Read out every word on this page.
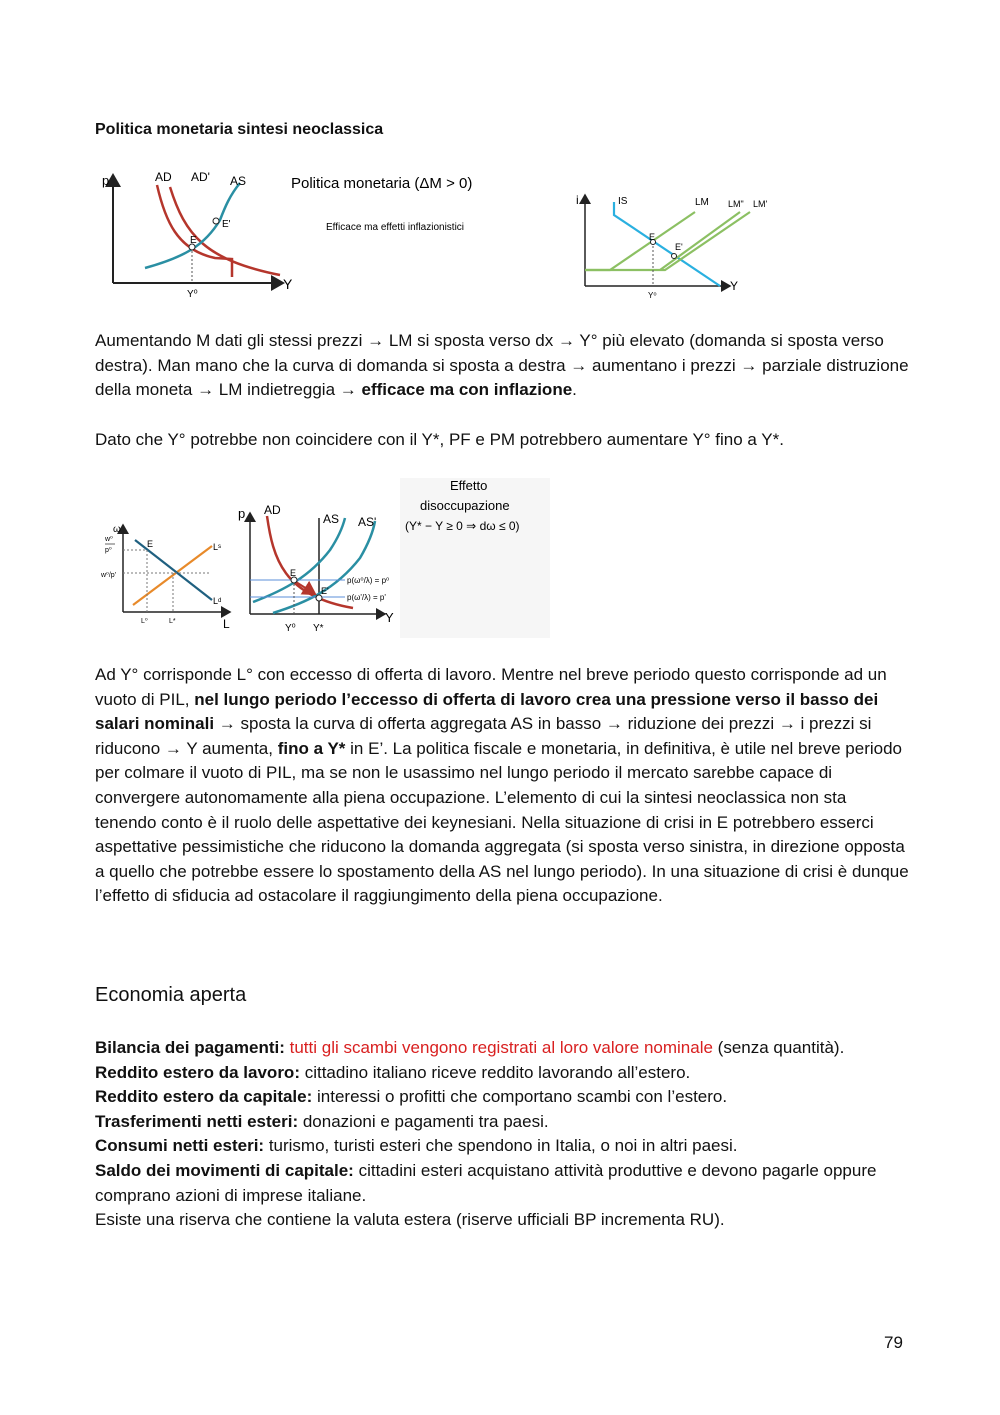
Politica monetaria sintesi neoclassica
p
Y
AD AD' AS
E
E'
Y⁰
Politica monetaria (ΔM > 0)
Efficace ma effetti inflazionistici
i
Y
IS	LM LM" LM'
E
E'
Y⁰
Aumentando M dati gli stessi prezzi → LM si sposta verso dx → Y° più elevato (domanda si sposta verso destra). Man mano che la curva di domanda si sposta a destra → aumentano i prezzi → parziale distruzione della moneta → LM indietreggia → efficace ma con inflazione.
Dato che Y° potrebbe non coincidere con il Y*, PF e PM potrebbero aumentare Y° fino a Y*.
ω
L
w⁰
p⁰
w⁰/p'
E	Lˢ
Lᵈ
L⁰	L*
p
Y
AD
AS AS'
E
E'
p(ω⁰/λ) = p⁰
p(ω'/λ) = p'
Y⁰ Y*
Effetto
disoccupazione
(Y* − Y ≥ 0 ⇒ dω ≤ 0)
Ad Y° corrisponde L° con eccesso di offerta di lavoro. Mentre nel breve periodo questo corrisponde ad un vuoto di PIL, nel lungo periodo l’eccesso di offerta di lavoro crea una pressione verso il basso dei salari nominali → sposta la curva di offerta aggregata AS in basso → riduzione dei prezzi → i prezzi si riducono → Y aumenta, fino a Y* in E’. La politica fiscale e monetaria, in definitiva, è utile nel breve periodo per colmare il vuoto di PIL, ma se non le usassimo nel lungo periodo il mercato sarebbe capace di convergere autonomamente alla piena occupazione. L’elemento di cui la sintesi neoclassica non sta tenendo conto è il ruolo delle aspettative dei keynesiani. Nella situazione di crisi in E potrebbero esserci aspettative pessimistiche che riducono la domanda aggregata (si sposta verso sinistra, in direzione opposta a quello che potrebbe essere lo spostamento della AS nel lungo periodo). In una situazione di crisi è dunque l’effetto di sfiducia ad ostacolare il raggiungimento della piena occupazione.
Economia aperta
Bilancia dei pagamenti: tutti gli scambi vengono registrati al loro valore nominale (senza quantità).
Reddito estero da lavoro: cittadino italiano riceve reddito lavorando all’estero.
Reddito estero da capitale: interessi o profitti che comportano scambi con l’estero.
Trasferimenti netti esteri: donazioni e pagamenti tra paesi.
Consumi netti esteri: turismo, turisti esteri che spendono in Italia, o noi in altri paesi.
Saldo dei movimenti di capitale: cittadini esteri acquistano attività produttive e devono pagarle oppure comprano azioni di imprese italiane.
Esiste una riserva che contiene la valuta estera (riserve ufficiali BP incrementa RU).
79
